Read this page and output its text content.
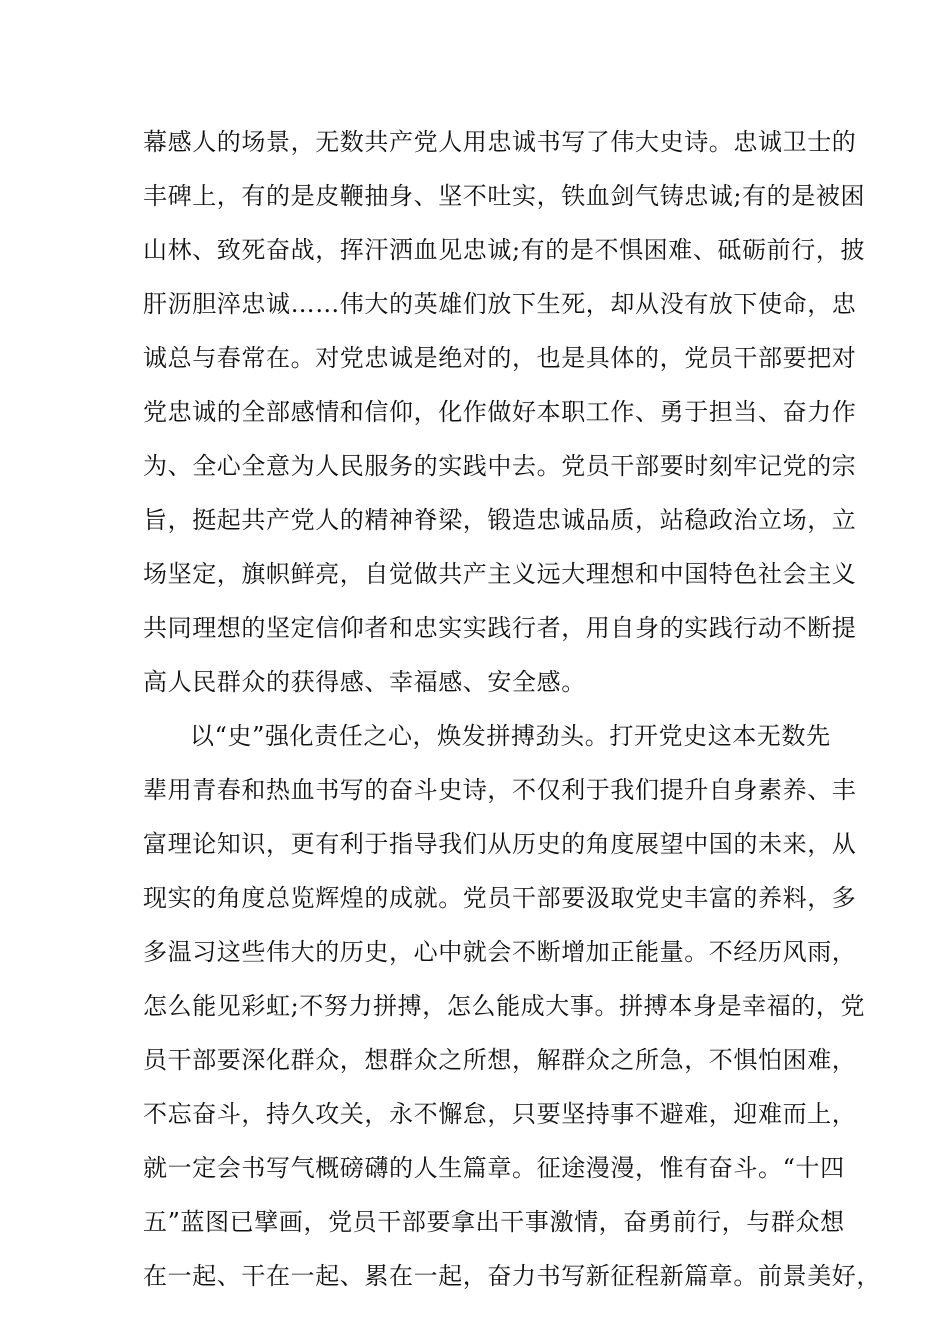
幕感人的场景，无数共产党人用忠诚书写了伟大史诗。忠诚卫士的
丰碑上，有的是皮鞭抽身、坚不吐实，铁血剑气铸忠诚;有的是被困
山林、致死奋战，挥汗洒血见忠诚;有的是不惧困难、砥砺前行，披
肝沥胆淬忠诚……伟大的英雄们放下生死，却从没有放下使命，忠
诚总与春常在。对党忠诚是绝对的，也是具体的，党员干部要把对
党忠诚的全部感情和信仰，化作做好本职工作、勇于担当、奋力作
为、全心全意为人民服务的实践中去。党员干部要时刻牢记党的宗
旨，挺起共产党人的精神脊梁，锻造忠诚品质，站稳政治立场，立
场坚定，旗帜鲜亮，自觉做共产主义远大理想和中国特色社会主义
共同理想的坚定信仰者和忠实实践行者，用自身的实践行动不断提
高人民群众的获得感、幸福感、安全感。
以“史”强化责任之心，焕发拼搏劲头。打开党史这本无数先
辈用青春和热血书写的奋斗史诗，不仅利于我们提升自身素养、丰
富理论知识，更有利于指导我们从历史的角度展望中国的未来，从
现实的角度总览辉煌的成就。党员干部要汲取党史丰富的养料，多
多温习这些伟大的历史，心中就会不断增加正能量。不经历风雨，
怎么能见彩虹;不努力拼搏，怎么能成大事。拼搏本身是幸福的，党
员干部要深化群众，想群众之所想，解群众之所急，不惧怕困难，
不忘奋斗，持久攻关，永不懈怠，只要坚持事不避难，迎难而上，
就一定会书写气概磅礴的人生篇章。征途漫漫，惟有奋斗。“十四
五”蓝图已擘画，党员干部要拿出干事激情，奋勇前行，与群众想
在一起、干在一起、累在一起，奋力书写新征程新篇章。前景美好，
